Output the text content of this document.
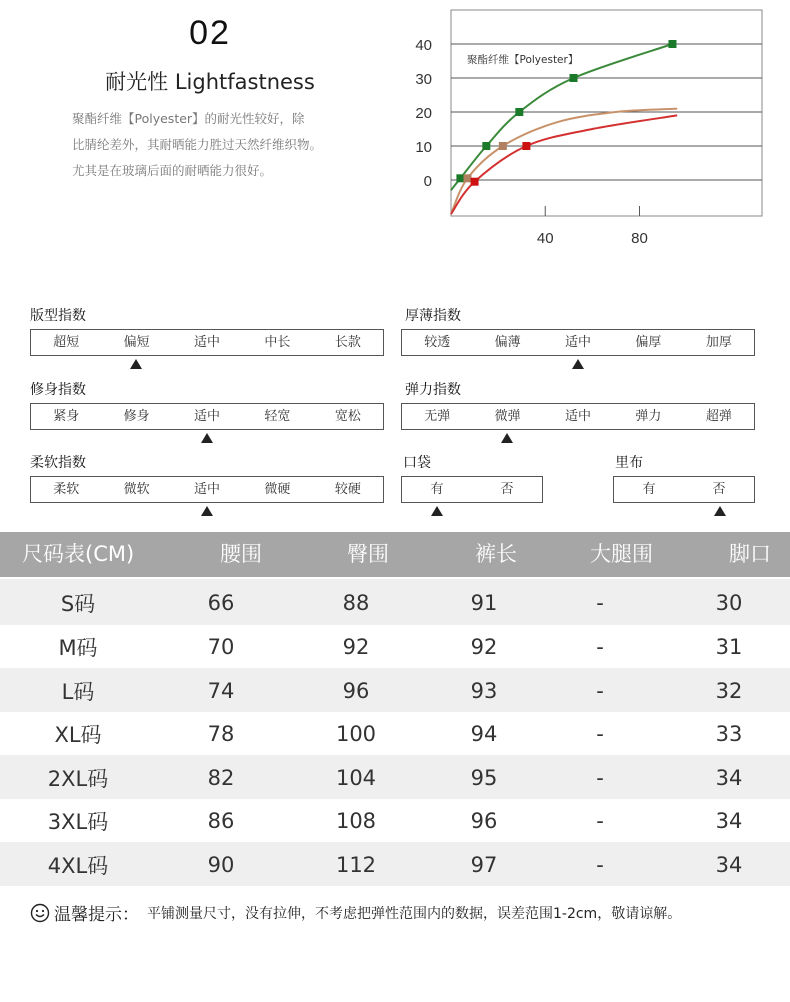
02
耐光性 Lightfastness
聚酯纤维【Polyester】的耐光性较好，除
比腈纶差外，其耐晒能力胜过天然纤维织物。
尤其是在玻璃后面的耐晒能力很好。
40
30
20
10
0
40	80
聚酯纤维【Polyester】
版型指数
超短	偏短	适中	中长	长款
厚薄指数
较透	偏薄	适中	偏厚	加厚
修身指数
紧身	修身	适中	轻宽	宽松
弹力指数
无弹	微弹	适中	弹力	超弹
柔软指数
柔软	微软	适中	微硬	较硬
口袋
有	否
里布
有	否
尺码表(CM)	腰围	臀围	裤长	大腿围	脚口
S码	66	88	91	-	30
M码	70	92	92	-	31
L码	74	96	93	-	32
XL码	78	100	94	-	33
2XL码	82	104	95	-	34
3XL码	86	108	96	-	34
4XL码	90	112	97	-	34
温馨提示： 平铺测量尺寸，没有拉伸，不考虑把弹性范围内的数据，误差范围1-2cm，敬请谅解。
